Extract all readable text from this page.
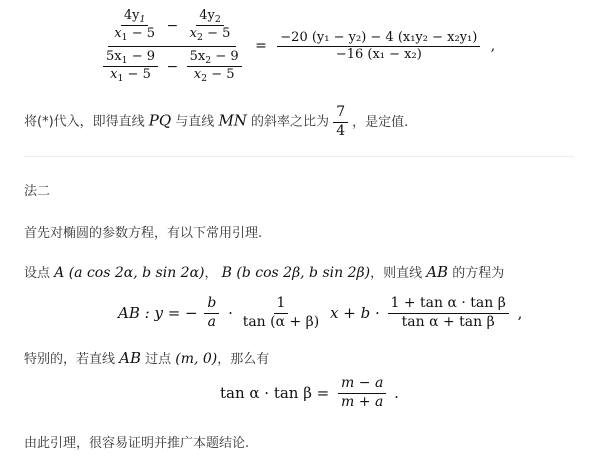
$\frac{4y_1}{x_1 - 5} - \frac{4y_2}{x_2 - 5}$
$\frac{5x_1 - 9}{x_1 - 5} - \frac{5x_2 - 9}{x_2 - 5}$
= $\frac{\text{−20 (y₁ − y₂) − 4 (x₁y₂ − x₂y₁)}}{\text{−16 (x₁ − x₂)}}$ ,
将(*)代入，即得直线 PQ 与直线 MN 的斜率之比为 $\frac{7}{4}$ ，是定值.
法二
首先对椭圆的参数方程，有以下常用引理.
设点 A (a cos 2α, b sin 2α)， B (b cos 2β, b sin 2β)，则直线 AB 的方程为
AB : y = − $\frac{b}{a} \cdot \frac{1}{\tan (\alpha + \beta)}$ $x + b \cdot \frac{\text{1 + tan α · tan β}}{\text{tan α + tan β}}$ ,
特别的，若直线 AB 过点 (m, 0)，那么有
$\tan \alpha \cdot \tan \beta = \frac{m - a}{m + a}$ .
由此引理，很容易证明并推广本题结论.
